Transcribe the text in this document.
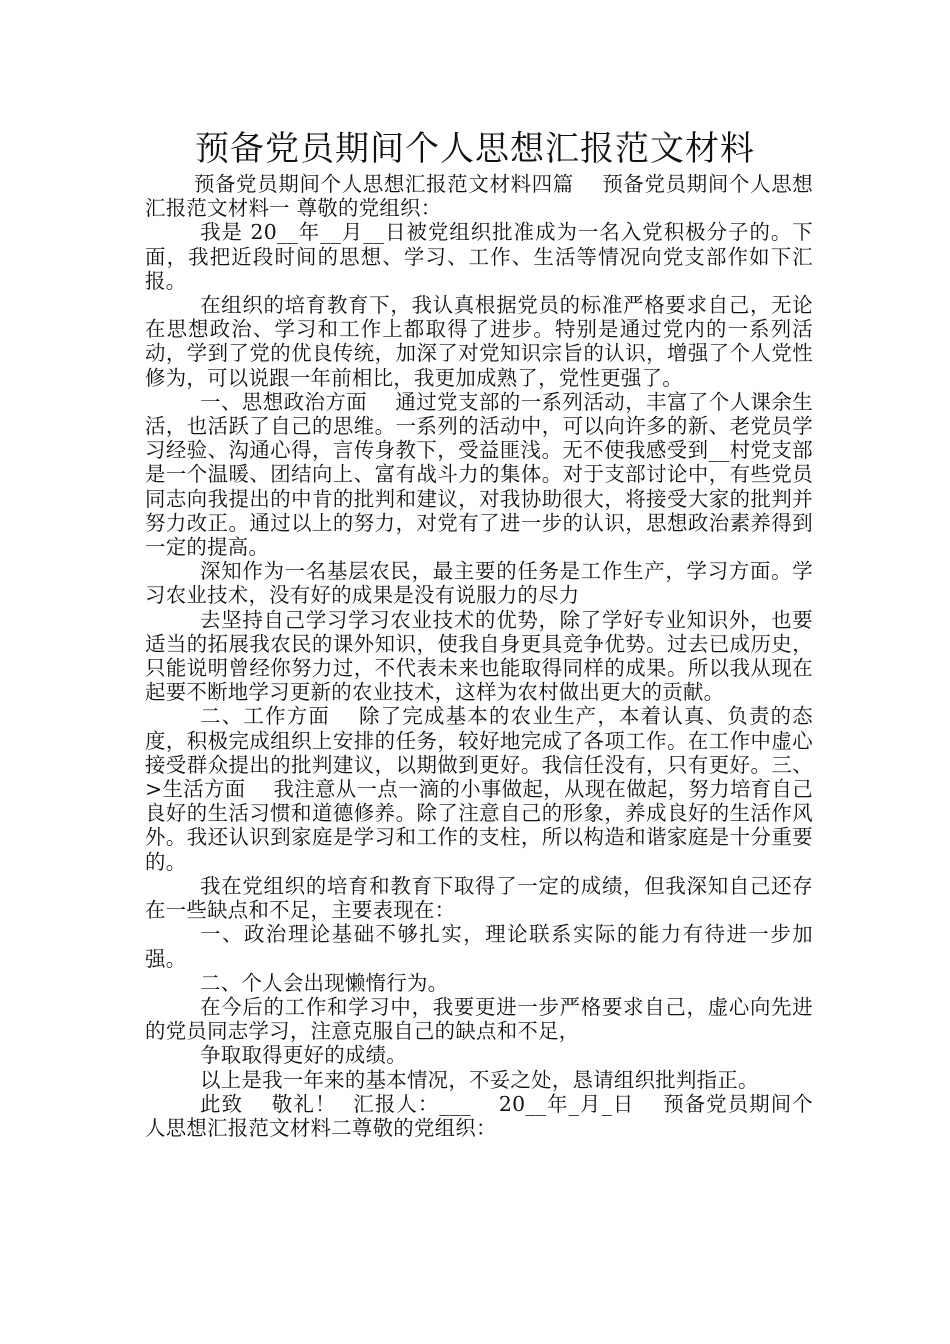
预备党员期间个人思想汇报范文材料

预备党员期间个人思想汇报范文材料四篇 预备党员期间个人思想汇报范文材料一 尊敬的党组织：

我是 20__年__月__日被党组织批准成为一名入党积极分子的。下面，我把近段时间的思想、学习、工作、生活等情况向党支部作如下汇报。

在组织的培育教育下，我认真根据党员的标准严格要求自己，无论在思想政治、学习和工作上都取得了进步。特别是通过党内的一系列活动，学到了党的优良传统，加深了对党知识宗旨的认识，增强了个人党性修为，可以说跟一年前相比，我更加成熟了，党性更强了。

一、思想政治方面 通过党支部的一系列活动，丰富了个人课余生活，也活跃了自己的思维。一系列的活动中，可以向许多的新、老党员学习经验、沟通心得，言传身教下，受益匪浅。无不使我感受到__村党支部是一个温暖、团结向上、富有战斗力的集体。对于支部讨论中，有些党员同志向我提出的中肯的批判和建议，对我协助很大，将接受大家的批判并努力改正。通过以上的努力，对党有了进一步的认识，思想政治素养得到一定的提高。

深知作为一名基层农民，最主要的任务是工作生产，学习方面。学习农业技术，没有好的成果是没有说服力的尽力

去坚持自己学习学习农业技术的优势，除了学好专业知识外，也要适当的拓展我农民的课外知识，使我自身更具竞争优势。过去已成历史，只能说明曾经你努力过，不代表未来也能取得同样的成果。所以我从现在起要不断地学习更新的农业技术，这样为农村做出更大的贡献。

二、工作方面 除了完成基本的农业生产，本着认真、负责的态度，积极完成组织上安排的任务，较好地完成了各项工作。在工作中虚心接受群众提出的批判建议，以期做到更好。我信任没有，只有更好。三、>生活方面 我注意从一点一滴的小事做起，从现在做起，努力培育自己良好的生活习惯和道德修养。除了注意自己的形象，养成良好的生活作风外。我还认识到家庭是学习和工作的支柱，所以构造和谐家庭是十分重要的。

我在党组织的培育和教育下取得了一定的成绩，但我深知自己还存在一些缺点和不足，主要表现在：

一、政治理论基础不够扎实，理论联系实际的能力有待进一步加强。

二、个人会出现懒惰行为。

在今后的工作和学习中，我要更进一步严格要求自己，虚心向先进的党员同志学习，注意克服自己的缺点和不足，

争取取得更好的成绩。

以上是我一年来的基本情况，不妥之处，恳请组织批判指正。

此致 敬礼！ 汇报人：___ 20__年_月_日 预备党员期间个人思想汇报范文材料二尊敬的党组织：
